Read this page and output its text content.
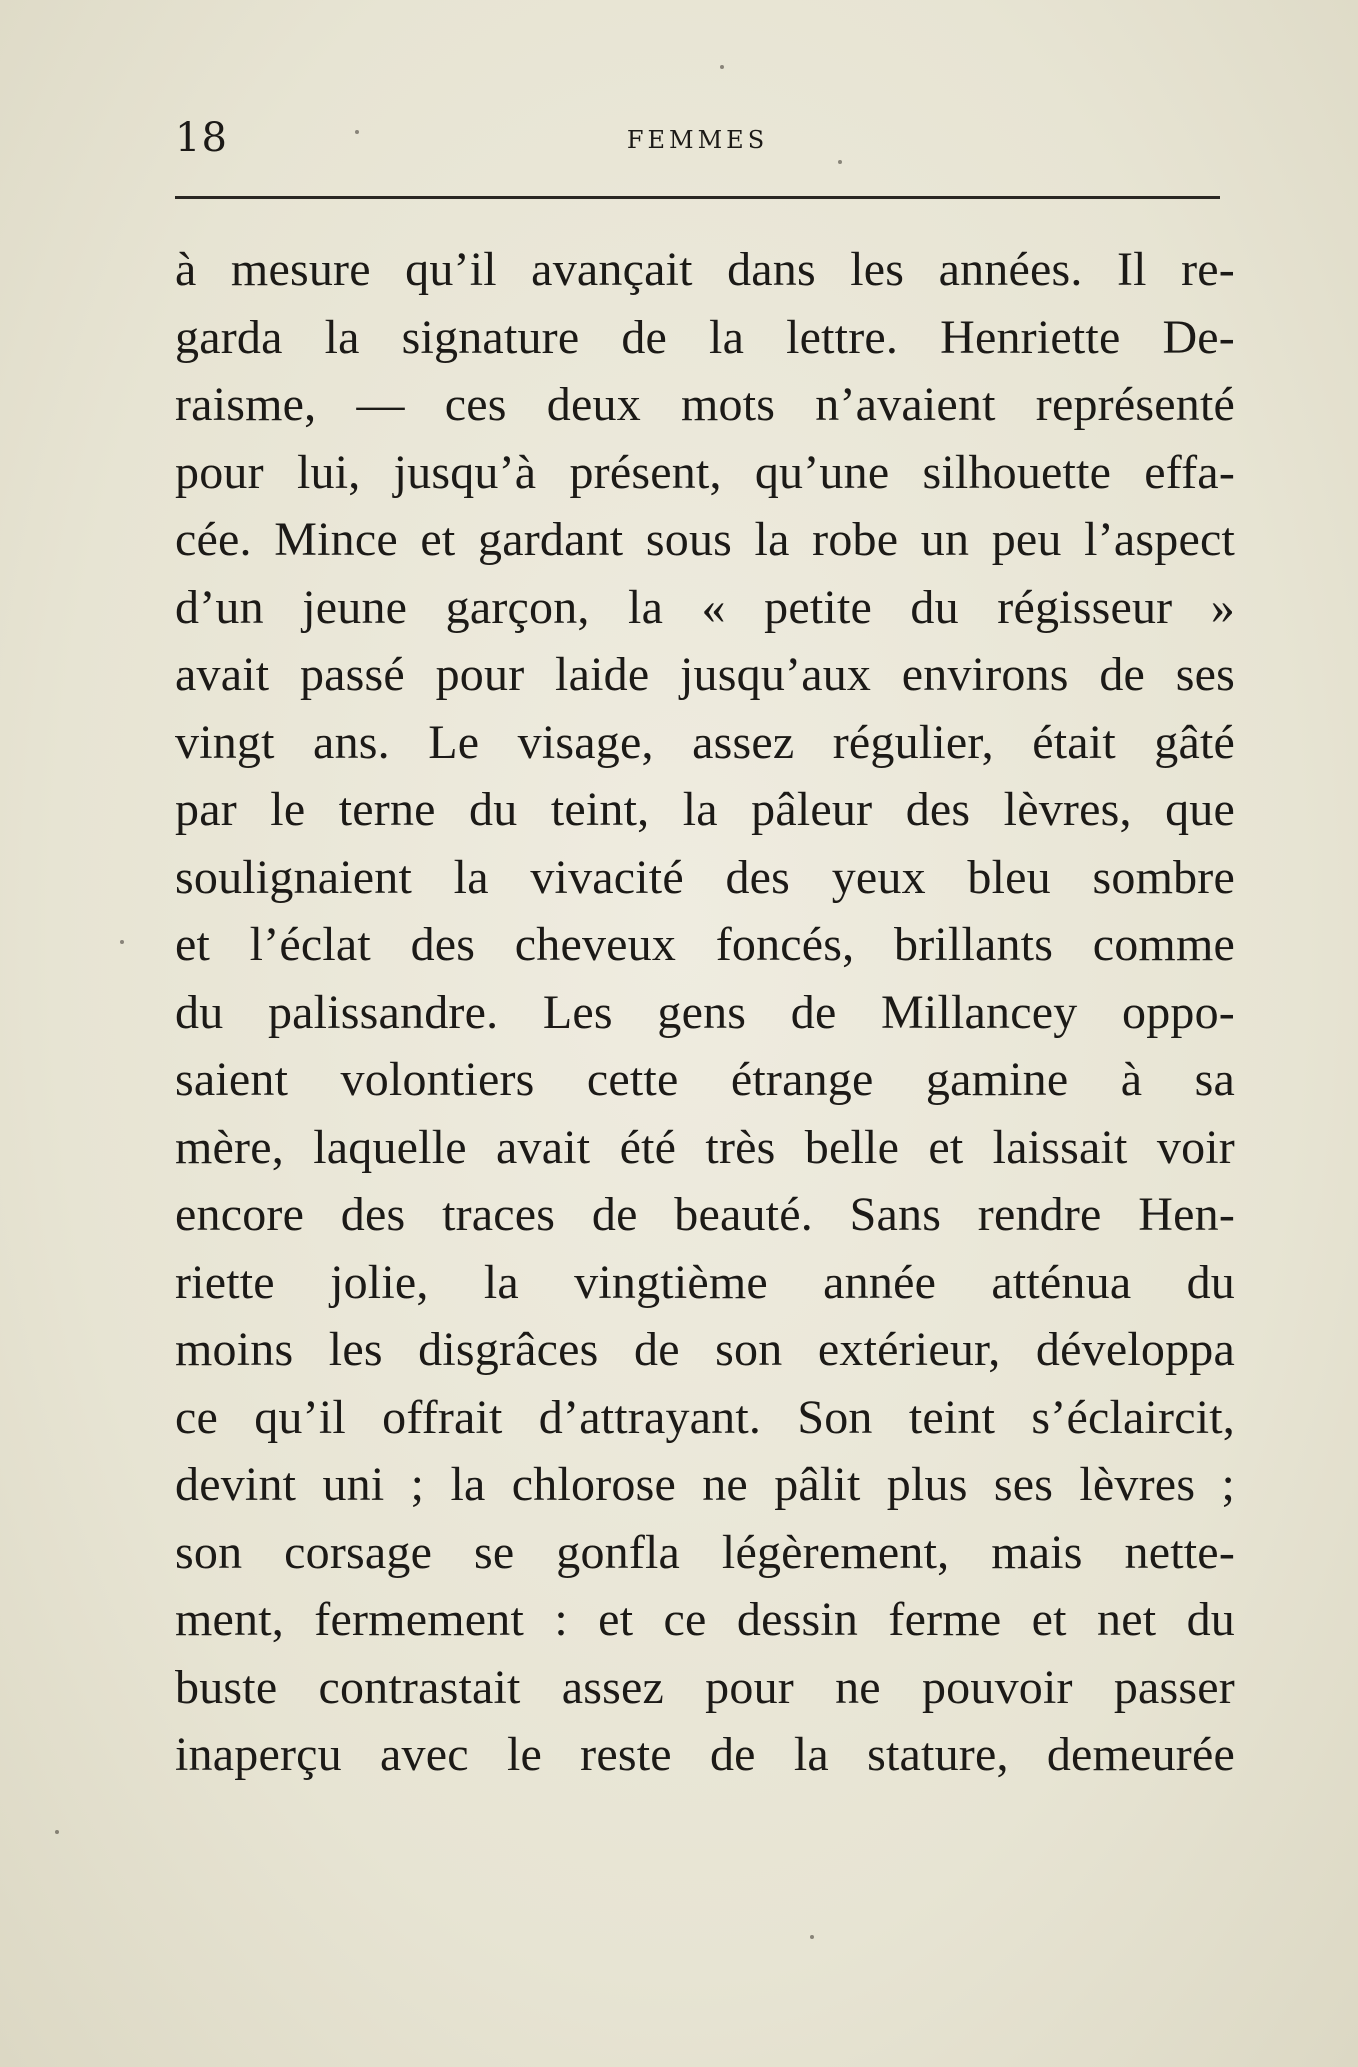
18	FEMMES
à mesure qu’il avançait dans les années. Il re-
garda la signature de la lettre. Henriette De-
raisme, — ces deux mots n’avaient représenté
pour lui, jusqu’à présent, qu’une silhouette effa-
cée. Mince et gardant sous la robe un peu l’aspect
d’un jeune garçon, la « petite du régisseur »
avait passé pour laide jusqu’aux environs de ses
vingt ans. Le visage, assez régulier, était gâté
par le terne du teint, la pâleur des lèvres, que
soulignaient la vivacité des yeux bleu sombre
et l’éclat des cheveux foncés, brillants comme
du palissandre. Les gens de Millancey oppo-
saient volontiers cette étrange gamine à sa
mère, laquelle avait été très belle et laissait voir
encore des traces de beauté. Sans rendre Hen-
riette jolie, la vingtième année atténua du
moins les disgrâces de son extérieur, développa
ce qu’il offrait d’attrayant. Son teint s’éclaircit,
devint uni ; la chlorose ne pâlit plus ses lèvres ;
son corsage se gonfla légèrement, mais nette-
ment, fermement : et ce dessin ferme et net du
buste contrastait assez pour ne pouvoir passer
inaperçu avec le reste de la stature, demeurée
